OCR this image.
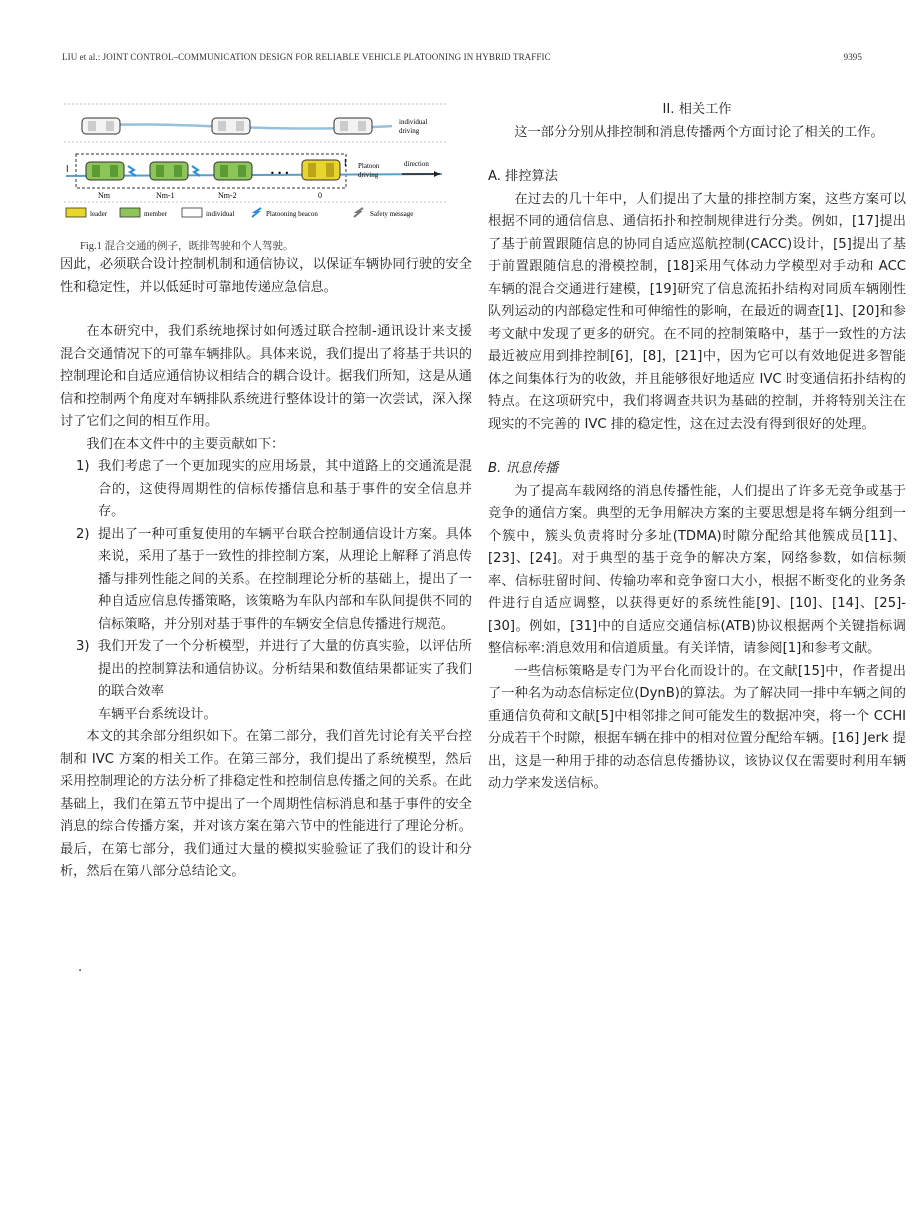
LIU et al.: JOINT CONTROL–COMMUNICATION DESIGN FOR RELIABLE VEHICLE PLATOONING IN HYBRID TRAFFIC	9395
individual
driving
l
l
• • •
Nm	Nm-1	Nm-2	0
Platoon
driving
direction
leader	member	individual	Platooning beacon	Safety message
Fig.1 混合交通的例子，既排驾驶和个人驾驶。

因此，必须联合设计控制机制和通信协议，以保证车辆协同行驶的安全性和稳定性，并以低延时可靠地传递应急信息。

在本研究中，我们系统地探讨如何透过联合控制-通讯设计来支援混合交通情况下的可靠车辆排队。具体来说，我们提出了将基于共识的控制理论和自适应通信协议相结合的耦合设计。据我们所知，这是从通信和控制两个角度对车辆排队系统进行整体设计的第一次尝试，深入探讨了它们之间的相互作用。

我们在本文件中的主要贡献如下：

1) 我们考虑了一个更加现实的应用场景，其中道路上的交通流是混合的，这使得周期性的信标传播信息和基于事件的安全信息并存。
2) 提出了一种可重复使用的车辆平台联合控制通信设计方案。具体来说，采用了基于一致性的排控制方案，从理论上解释了消息传播与排列性能之间的关系。在控制理论分析的基础上，提出了一种自适应信息传播策略，该策略为车队内部和车队间提供不同的信标策略，并分别对基于事件的车辆安全信息传播进行规范。
3) 我们开发了一个分析模型，并进行了大量的仿真实验，以评估所提出的控制算法和通信协议。分析结果和数值结果都证实了我们的联合效率
车辆平台系统设计。

本文的其余部分组织如下。在第二部分，我们首先讨论有关平台控制和 IVC 方案的相关工作。在第三部分，我们提出了系统模型，然后采用控制理论的方法分析了排稳定性和控制信息传播之间的关系。在此基础上，我们在第五节中提出了一个周期性信标消息和基于事件的安全消息的综合传播方案，并对该方案在第六节中的性能进行了理论分析。最后，在第七部分，我们通过大量的模拟实验验证了我们的设计和分析，然后在第八部分总结论文。

·

II. 相关工作

这一部分分别从排控制和消息传播两个方面讨论了相关的工作。

A. 排控算法

在过去的几十年中，人们提出了大量的排控制方案，这些方案可以根据不同的通信信息、通信拓扑和控制规律进行分类。例如，[17]提出了基于前置跟随信息的协同自适应巡航控制(CACC)设计，[5]提出了基于前置跟随信息的滑模控制，[18]采用气体动力学模型对手动和 ACC 车辆的混合交通进行建模，[19]研究了信息流拓扑结构对同质车辆刚性队列运动的内部稳定性和可伸缩性的影响，在最近的调查[1]、[20]和参考文献中发现了更多的研究。在不同的控制策略中，基于一致性的方法最近被应用到排控制[6]，[8]，[21]中，因为它可以有效地促进多智能体之间集体行为的收敛，并且能够很好地适应 IVC 时变通信拓扑结构的特点。在这项研究中，我们将调查共识为基础的控制，并将特别关注在现实的不完善的 IVC 排的稳定性，这在过去没有得到很好的处理。

B. 讯息传播

为了提高车载网络的消息传播性能，人们提出了许多无竞争或基于竞争的通信方案。典型的无争用解决方案的主要思想是将车辆分组到一个簇中，簇头负责将时分多址(TDMA)时隙分配给其他簇成员[11]、[23]、[24]。对于典型的基于竞争的解决方案，网络参数，如信标频率、信标驻留时间、传输功率和竞争窗口大小，根据不断变化的业务条件进行自适应调整，以获得更好的系统性能[9]、[10]、[14]、[25]-[30]。例如，[31]中的自适应交通信标(ATB)协议根据两个关键指标调整信标率:消息效用和信道质量。有关详情，请参阅[1]和参考文献。

一些信标策略是专门为平台化而设计的。在文献[15]中，作者提出了一种名为动态信标定位(DynB)的算法。为了解决同一排中车辆之间的重通信负荷和文献[5]中相邻排之间可能发生的数据冲突，将一个 CCHI 分成若干个时隙，根据车辆在排中的相对位置分配给车辆。[16] Jerk 提出，这是一种用于排的动态信息传播协议，该协议仅在需要时利用车辆动力学来发送信标。
